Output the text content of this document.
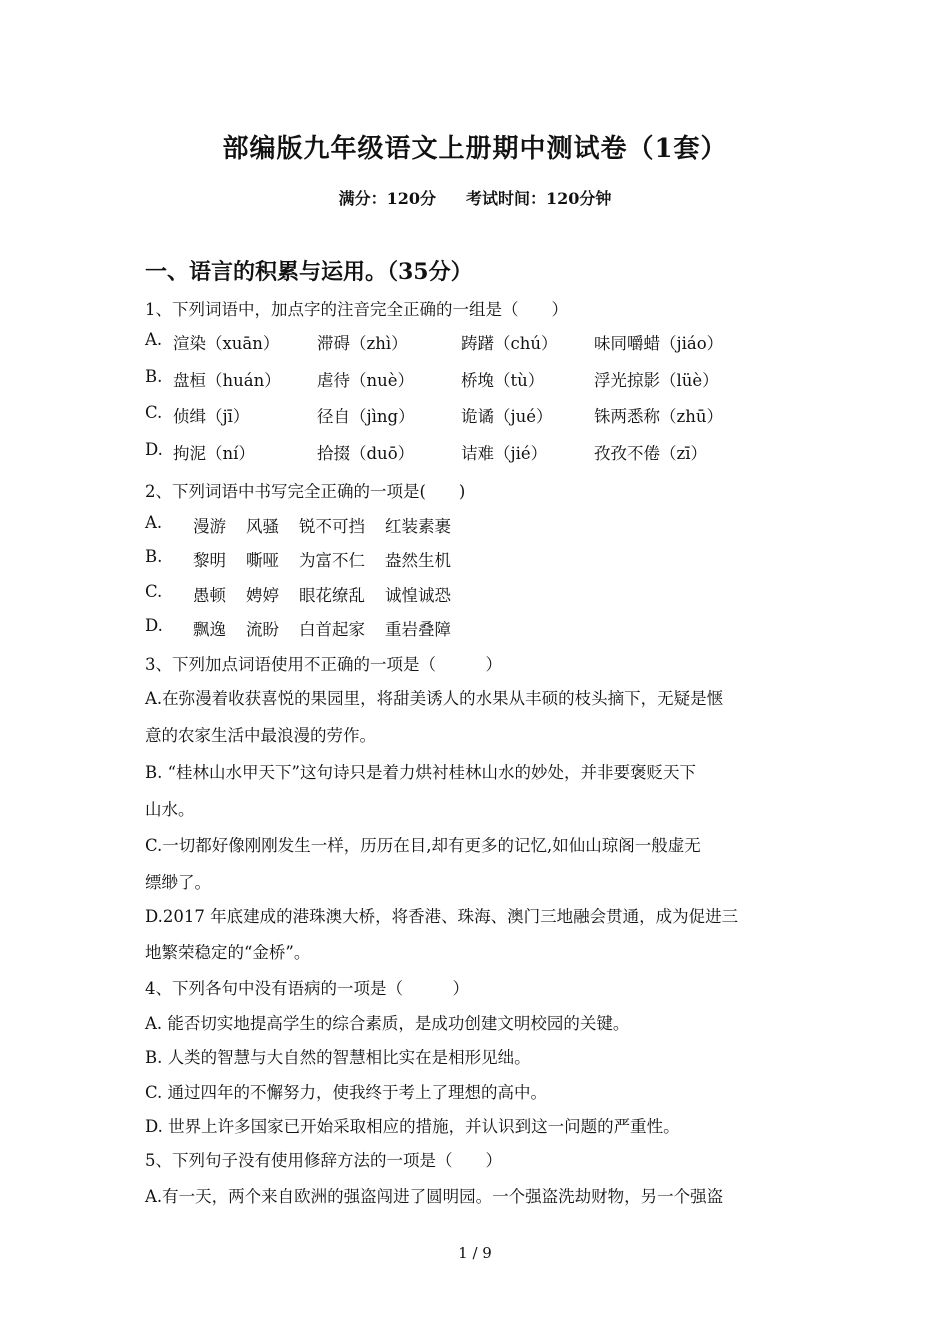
部编版九年级语文上册期中测试卷（1套）
满分：120分 考试时间：120分钟
一、语言的积累与运用。（35分）
1、下列词语中，加点字的注音完全正确的一组是（　　）
A. 渲染（xuān）	滞碍（zhì）	踌躇（chú）	味同嚼蜡（jiáo）
B. 盘桓（huán）	虐待（nuè）	桥堍（tù）	浮光掠影（lüè）
C. 侦缉（jī）	径自（jìng）	诡谲（jué）	铢两悉称（zhū）
D. 拘泥（ní）	拾掇（duō）	诘难（jié）	孜孜不倦（zī）
2、下列词语中书写完全正确的一项是(　　)
A.	漫游 风骚 锐不可挡 红装素裹
B.	黎明 嘶哑 为富不仁 盎然生机
C.	愚顿 娉婷 眼花缭乱 诚惶诚恐
D.	飘逸 流盼 白首起家 重岩叠障
3、下列加点词语使用不正确的一项是（　　　）
A.在弥漫着收获喜悦的果园里，将甜美诱人的水果从丰硕的枝头摘下，无疑是惬
意的农家生活中最浪漫的劳作。
B. “桂林山水甲天下”这句诗只是着力烘衬桂林山水的妙处，并非要褒贬天下
山水。
C.一切都好像刚刚发生一样，历历在目,却有更多的记忆,如仙山琼阁一般虚无
缥缈了。
D.2017 年底建成的港珠澳大桥，将香港、珠海、澳门三地融会贯通，成为促进三
地繁荣稳定的“金桥”。
4、下列各句中没有语病的一项是（　　　）
A. 能否切实地提高学生的综合素质，是成功创建文明校园的关键。
B. 人类的智慧与大自然的智慧相比实在是相形见绌。
C. 通过四年的不懈努力，使我终于考上了理想的高中。
D. 世界上许多国家已开始采取相应的措施，并认识到这一问题的严重性。
5、下列句子没有使用修辞方法的一项是（　　）
A.有一天，两个来自欧洲的强盗闯进了圆明园。一个强盗洗劫财物，另一个强盗
1 / 9
